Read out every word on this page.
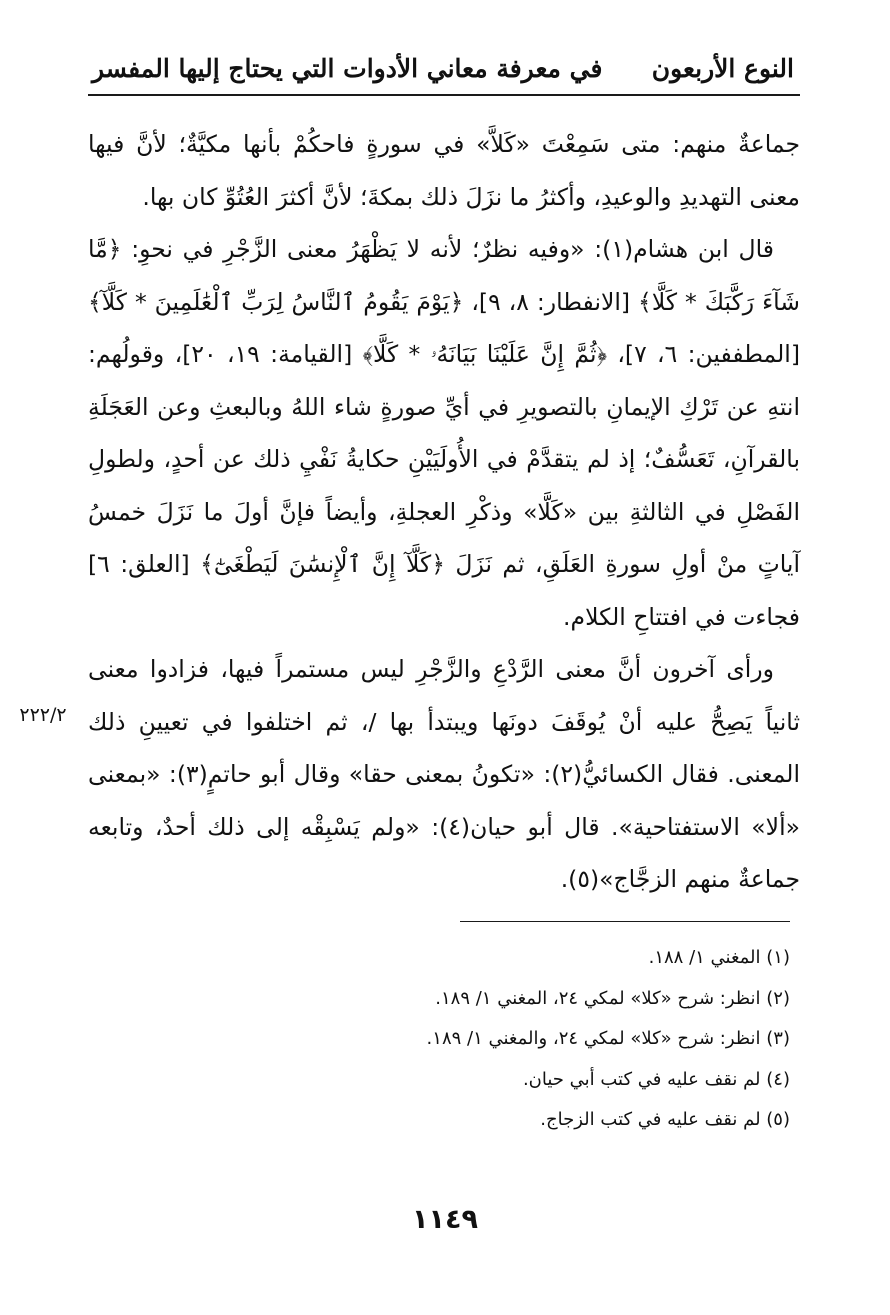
النوع الأربعون
في معرفة معاني الأدوات التي يحتاج إليها المفسر

جماعةٌ منهم: متى سَمِعْتَ «كَلاَّ» في سورةٍ فاحكُمْ بأنها مكيَّةٌ؛ لأنَّ فيها معنى التهديدِ والوعيدِ، وأكثرُ ما نزَلَ ذلك بمكةَ؛ لأنَّ أكثرَ العُتُوِّ كان بها.

قال ابن هشام(١): «وفيه نظرٌ؛ لأنه لا يَظْهَرُ معنى الزَّجْرِ في نحوِ: ﴿مَّا شَآءَ رَكَّبَكَ * كَلَّا﴾ [الانفطار: ٨، ٩]، ﴿يَوْمَ يَقُومُ ٱلنَّاسُ لِرَبِّ ٱلْعَٰلَمِينَ * كَلَّآ﴾ [المطففين: ٦، ٧]، ﴿ثُمَّ إِنَّ عَلَيْنَا بَيَانَهُۥ * كَلَّا﴾ [القيامة: ١٩، ٢٠]، وقولُهم: انتهِ عن تَرْكِ الإيمانِ بالتصويرِ في أيِّ صورةٍ شاء اللهُ وبالبعثِ وعن العَجَلَةِ بالقرآنِ، تَعَسُّفٌ؛ إذ لم يتقدَّمْ في الأُولَيَيْنِ حكايةُ نَفْيِ ذلك عن أحدٍ، ولطولِ الفَصْلِ في الثالثةِ بين «كَلَّا» وذكْرِ العجلةِ، وأيضاً فإنَّ أولَ ما نَزَلَ خمسُ آياتٍ منْ أولِ سورةِ العَلَقِ، ثم نَزَلَ ﴿كَلَّآ إِنَّ ٱلْإِنسَٰنَ لَيَطْغَىٰٓ﴾ [العلق: ٦] فجاءت في افتتاحِ الكلام.

ورأى آخرون أنَّ معنى الرَّدْعِ والزَّجْرِ ليس مستمراً فيها، فزادوا معنى ثانياً يَصِحُّ عليه أنْ يُوقَفَ دونَها ويبتدأ بها /، ثم اختلفوا في تعيينِ ذلك المعنى. فقال الكسائيُّ(٢): «تكونُ بمعنى حقا» وقال أبو حاتمٍ(٣): «بمعنى «ألا» الاستفتاحية». قال أبو حيان(٤): «ولم يَسْبِقْه إلى ذلك أحدٌ، وتابعه جماعةٌ منهم الزجَّاج»(٥).

٢٢٢/٢
(١) المغني ١/ ١٨٨.
(٢) انظر: شرح «كلا» لمكي ٢٤، المغني ١/ ١٨٩.
(٣) انظر: شرح «كلا» لمكي ٢٤، والمغني ١/ ١٨٩.
(٤) لم نقف عليه في كتب أبي حيان.
(٥) لم نقف عليه في كتب الزجاج.
١١٤٩
